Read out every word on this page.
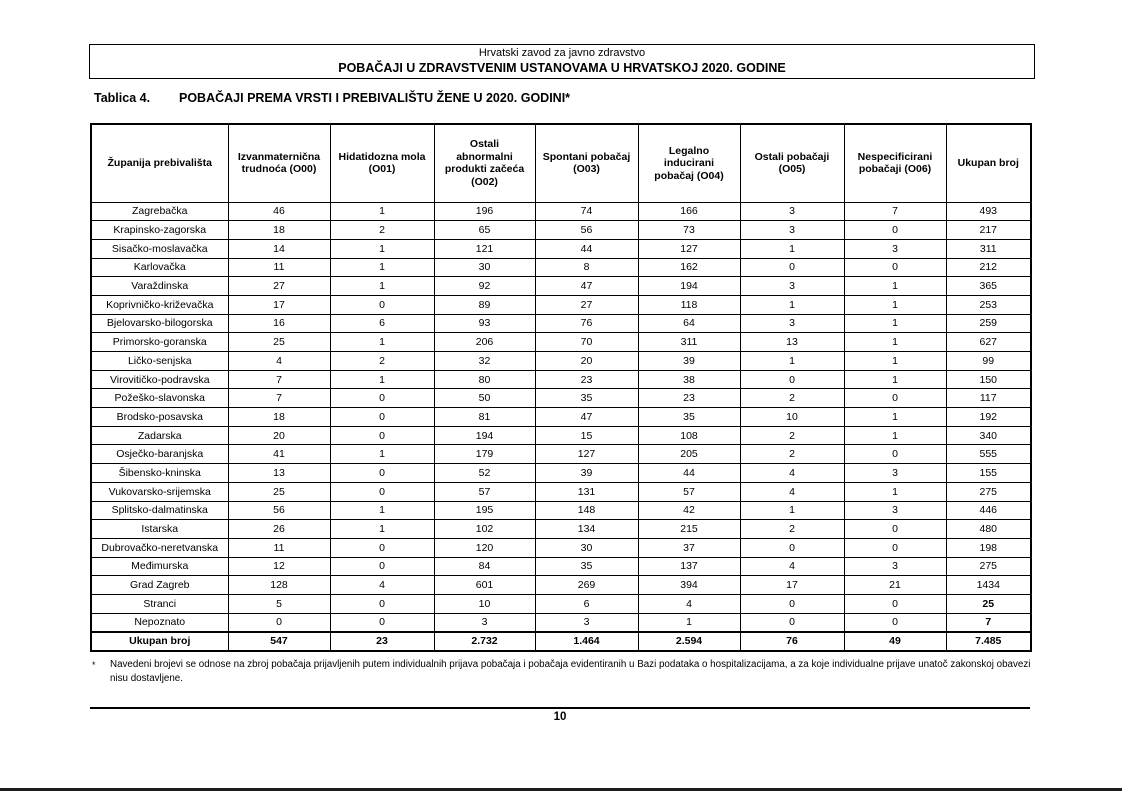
Hrvatski zavod za javno zdravstvo
POBAČAJI U ZDRAVSTVENIM USTANOVAMA U HRVATSKOJ 2020. GODINE
Tablica 4.	POBAČAJI PREMA VRSTI I PREBIVALIŠTU ŽENE U 2020. GODINI*
Županija prebivališta	Izvanmaternična trudnoća (O00)	Hidatidozna mola (O01)	Ostali abnormalni produkti začeća (O02)	Spontani pobačaj (O03)	Legalno inducirani pobačaj (O04)	Ostali pobačaji (O05)	Nespecificirani pobačaji (O06)	Ukupan broj
Zagrebačka	46	1	196	74	166	3	7	493
Krapinsko-zagorska	18	2	65	56	73	3	0	217
Sisačko-moslavačka	14	1	121	44	127	1	3	311
Karlovačka	11	1	30	8	162	0	0	212
Varaždinska	27	1	92	47	194	3	1	365
Koprivničko-križevačka	17	0	89	27	118	1	1	253
Bjelovarsko-bilogorska	16	6	93	76	64	3	1	259
Primorsko-goranska	25	1	206	70	311	13	1	627
Ličko-senjska	4	2	32	20	39	1	1	99
Virovitičko-podravska	7	1	80	23	38	0	1	150
Požeško-slavonska	7	0	50	35	23	2	0	117
Brodsko-posavska	18	0	81	47	35	10	1	192
Zadarska	20	0	194	15	108	2	1	340
Osječko-baranjska	41	1	179	127	205	2	0	555
Šibensko-kninska	13	0	52	39	44	4	3	155
Vukovarsko-srijemska	25	0	57	131	57	4	1	275
Splitsko-dalmatinska	56	1	195	148	42	1	3	446
Istarska	26	1	102	134	215	2	0	480
Dubrovačko-neretvanska	11	0	120	30	37	0	0	198
Međimurska	12	0	84	35	137	4	3	275
Grad Zagreb	128	4	601	269	394	17	21	1434
Stranci	5	0	10	6	4	0	0	25
Nepoznato	0	0	3	3	1	0	0	7
Ukupan broj	547	23	2.732	1.464	2.594	76	49	7.485
*	Navedeni brojevi se odnose na zbroj pobačaja prijavljenih putem individualnih prijava pobačaja i pobačaja evidentiranih u Bazi podataka o hospitalizacijama, a za koje individualne prijave unatoč zakonskoj obavezi nisu dostavljene.
10
